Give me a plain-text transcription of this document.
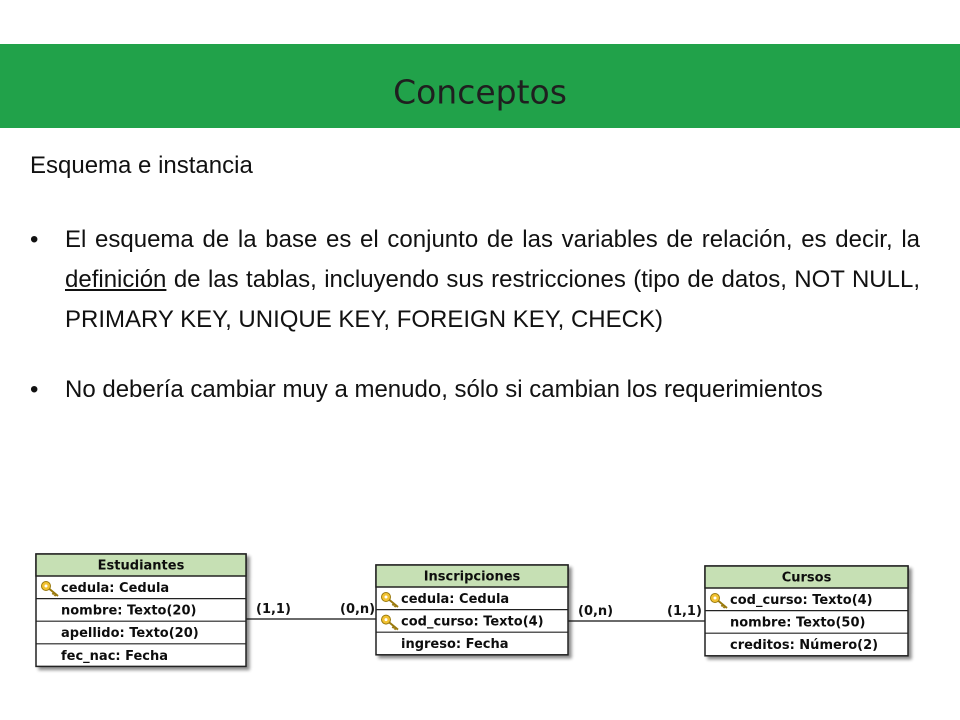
Conceptos

Esquema e instancia

• El esquema de la base es el conjunto de las variables de relación, es decir, la definición de las tablas, incluyendo sus restricciones (tipo de datos, NOT NULL, PRIMARY KEY, UNIQUE KEY, FOREIGN KEY, CHECK)
• No debería cambiar muy a menudo, sólo si cambian los requerimientos
(1,1)	(0,n)	(0,n)	(1,1)
Estudiantes
cedula: Cedula
nombre: Texto(20)
apellido: Texto(20)
fec_nac: Fecha
Inscripciones
cedula: Cedula
cod_curso: Texto(4)
ingreso: Fecha
Cursos
cod_curso: Texto(4)
nombre: Texto(50)
creditos: Número(2)
